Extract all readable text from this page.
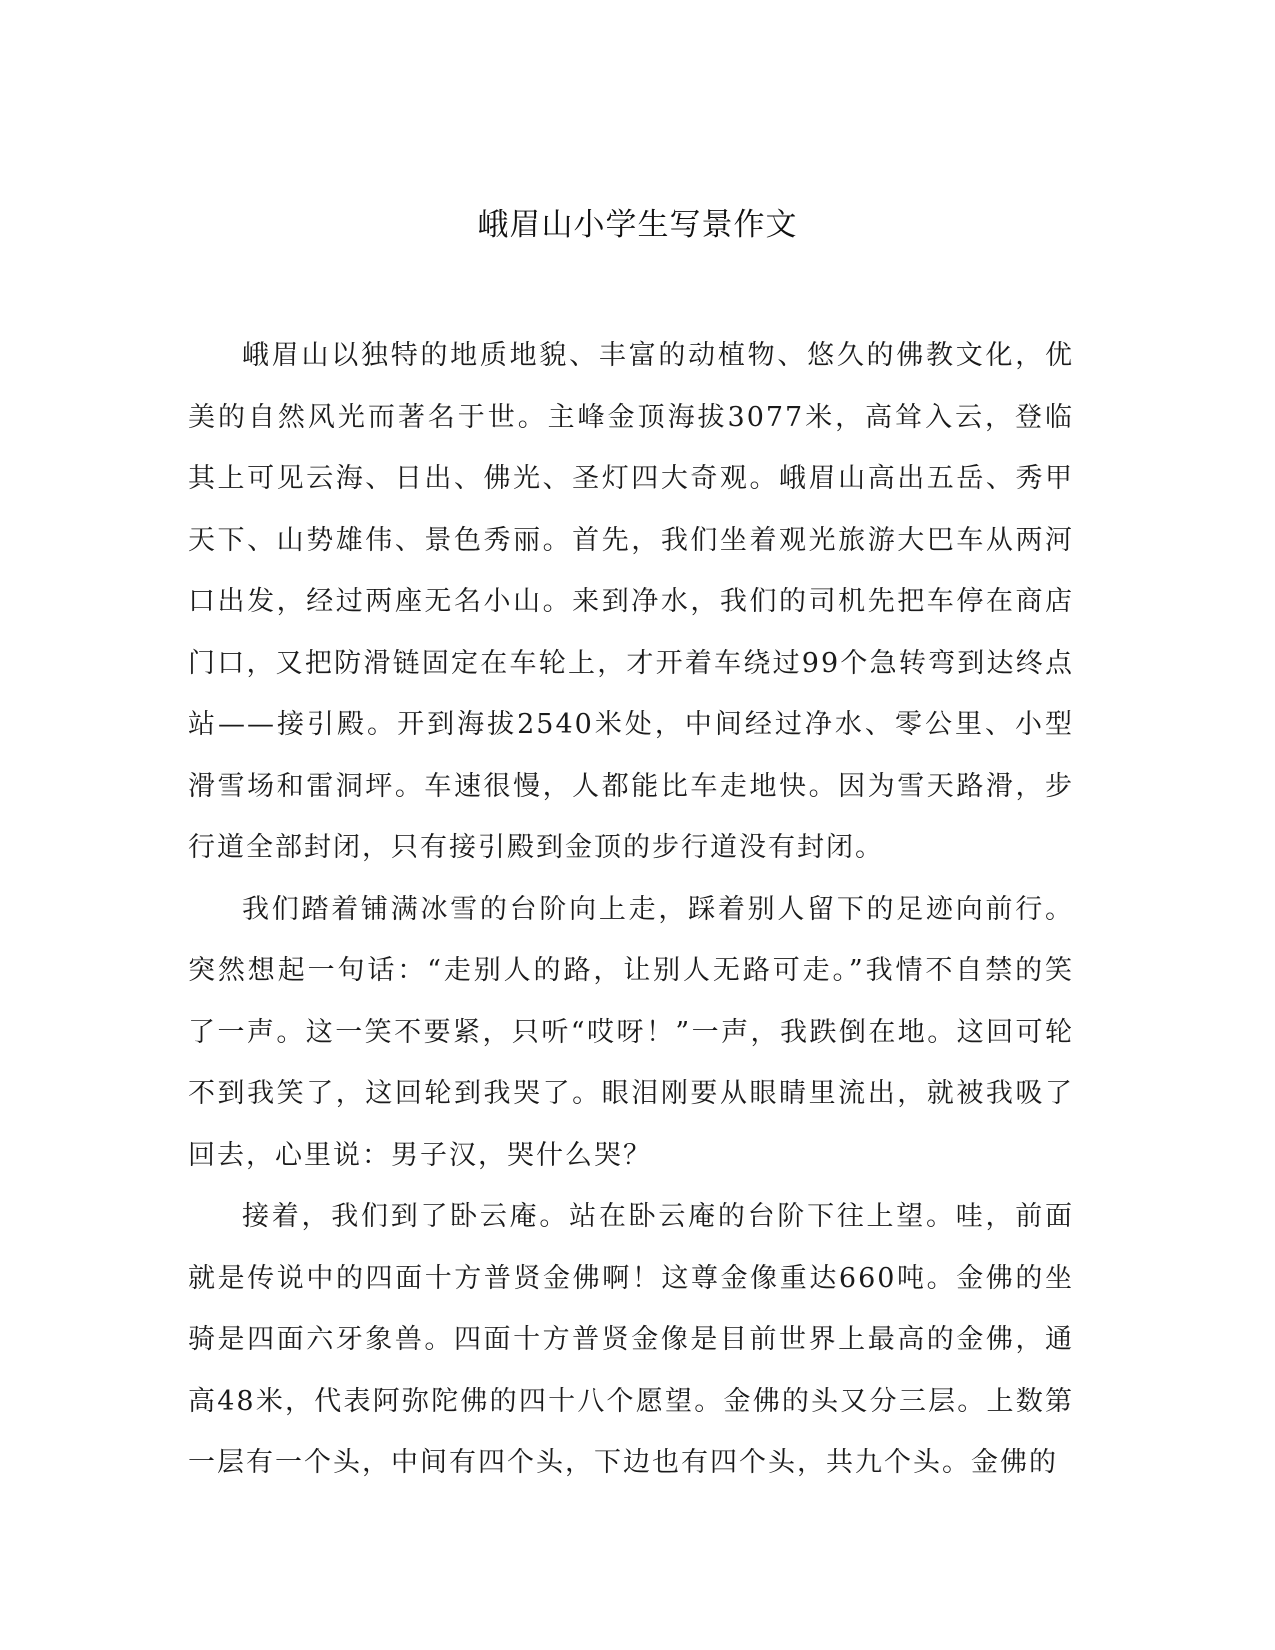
峨眉山小学生写景作文

峨眉山以独特的地质地貌、丰富的动植物、悠久的佛教文化，优美的自然风光而著名于世。主峰金顶海拔3077米，高耸入云，登临其上可见云海、日出、佛光、圣灯四大奇观。峨眉山高出五岳、秀甲天下、山势雄伟、景色秀丽。首先，我们坐着观光旅游大巴车从两河口出发，经过两座无名小山。来到净水，我们的司机先把车停在商店门口，又把防滑链固定在车轮上，才开着车绕过99个急转弯到达终点站——接引殿。开到海拔2540米处，中间经过净水、零公里、小型滑雪场和雷洞坪。车速很慢，人都能比车走地快。因为雪天路滑，步行道全部封闭，只有接引殿到金顶的步行道没有封闭。

我们踏着铺满冰雪的台阶向上走，踩着别人留下的足迹向前行。突然想起一句话：“走别人的路，让别人无路可走。”我情不自禁的笑了一声。这一笑不要紧，只听“哎呀！”一声，我跌倒在地。这回可轮不到我笑了，这回轮到我哭了。眼泪刚要从眼睛里流出，就被我吸了回去，心里说：男子汉，哭什么哭？

接着，我们到了卧云庵。站在卧云庵的台阶下往上望。哇，前面就是传说中的四面十方普贤金佛啊！这尊金像重达660吨。金佛的坐骑是四面六牙象兽。四面十方普贤金像是目前世界上最高的金佛，通高48米，代表阿弥陀佛的四十八个愿望。金佛的头又分三层。上数第一层有一个头，中间有四个头，下边也有四个头，共九个头。金佛的
